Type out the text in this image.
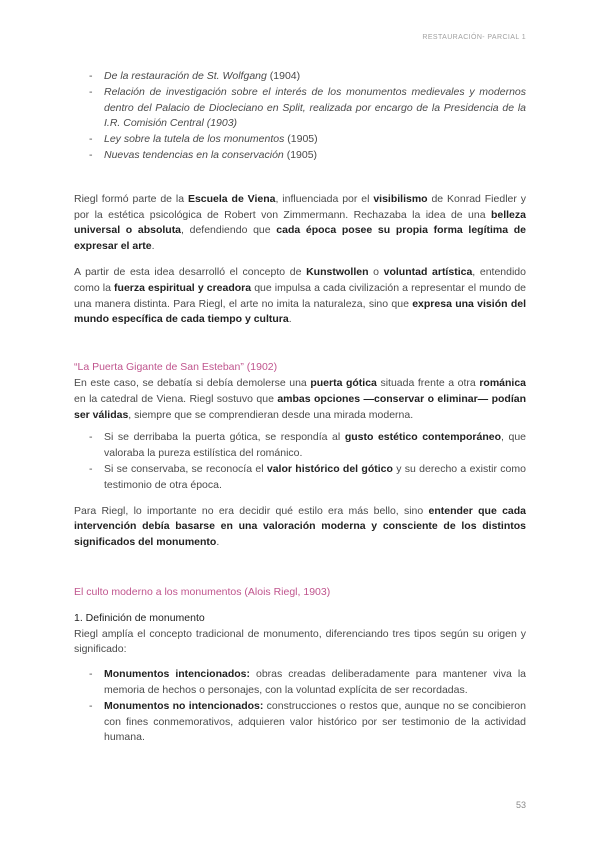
RESTAURACIÓN- PARCIAL 1
- De la restauración de St. Wolfgang (1904)
- Relación de investigación sobre el interés de los monumentos medievales y modernos dentro del Palacio de Diocleciano en Split, realizada por encargo de la Presidencia de la I.R. Comisión Central (1903)
- Ley sobre la tutela de los monumentos (1905)
- Nuevas tendencias en la conservación (1905)

Riegl formó parte de la Escuela de Viena, influenciada por el visibilismo de Konrad Fiedler y por la estética psicológica de Robert von Zimmermann. Rechazaba la idea de una belleza universal o absoluta, defendiendo que cada época posee su propia forma legítima de expresar el arte.

A partir de esta idea desarrolló el concepto de Kunstwollen o voluntad artística, entendido como la fuerza espiritual y creadora que impulsa a cada civilización a representar el mundo de una manera distinta. Para Riegl, el arte no imita la naturaleza, sino que expresa una visión del mundo específica de cada tiempo y cultura.

“La Puerta Gigante de San Esteban” (1902)

En este caso, se debatía si debía demolerse una puerta gótica situada frente a otra románica en la catedral de Viena. Riegl sostuvo que ambas opciones —conservar o eliminar— podían ser válidas, siempre que se comprendieran desde una mirada moderna.

- Si se derribaba la puerta gótica, se respondía al gusto estético contemporáneo, que valoraba la pureza estilística del románico.
- Si se conservaba, se reconocía el valor histórico del gótico y su derecho a existir como testimonio de otra época.

Para Riegl, lo importante no era decidir qué estilo era más bello, sino entender que cada intervención debía basarse en una valoración moderna y consciente de los distintos significados del monumento.

El culto moderno a los monumentos (Alois Riegl, 1903)

1. Definición de monumento

Riegl amplía el concepto tradicional de monumento, diferenciando tres tipos según su origen y significado:

- Monumentos intencionados: obras creadas deliberadamente para mantener viva la memoria de hechos o personajes, con la voluntad explícita de ser recordadas.
- Monumentos no intencionados: construcciones o restos que, aunque no se concibieron con fines conmemorativos, adquieren valor histórico por ser testimonio de la actividad humana.
53
